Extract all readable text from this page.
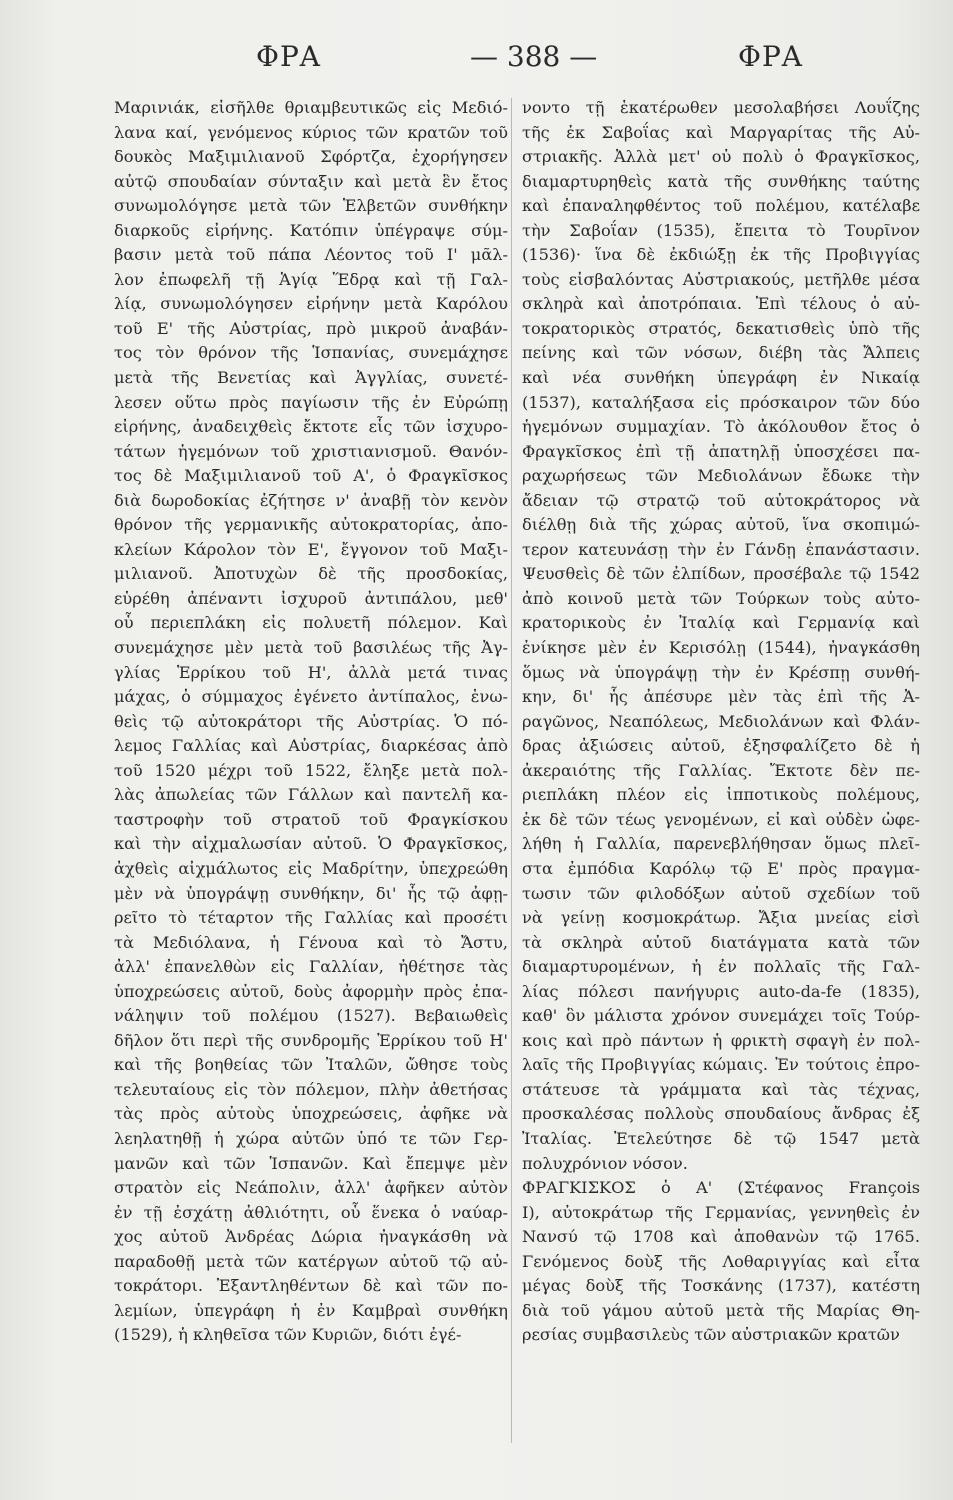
ΦΡΑ	— 388 —	ΦΡΑ
Μαρινιάκ, εἰσῆλθε θριαμβευτικῶς εἰς Μεδιό-
λανα καί, γενόμενος κύριος τῶν κρατῶν τοῦ
δουκὸς Μαξιμιλιανοῦ Σφόρτζα, ἐχορήγησεν
αὐτῷ σπουδαίαν σύνταξιν καὶ μετὰ ἓν ἔτος
συνωμολόγησε μετὰ τῶν Ἑλβετῶν συνθήκην
διαρκοῦς εἰρήνης. Κατόπιν ὑπέγραψε σύμ-
βασιν μετὰ τοῦ πάπα Λέοντος τοῦ Ι' μᾶλ-
λον ἐπωφελῆ τῇ Ἁγίᾳ Ἕδρᾳ καὶ τῇ Γαλ-
λίᾳ, συνωμολόγησεν εἰρήνην μετὰ Καρόλου
τοῦ Ε' τῆς Αὐστρίας, πρὸ μικροῦ ἀναβάν-
τος τὸν θρόνον τῆς Ἱσπανίας, συνεμάχησε
μετὰ τῆς Βενετίας καὶ Ἀγγλίας, συνετέ-
λεσεν οὕτω πρὸς παγίωσιν τῆς ἐν Εὐρώπῃ
εἰρήνης, ἀναδειχθεὶς ἔκτοτε εἷς τῶν ἰσχυρο-
τάτων ἡγεμόνων τοῦ χριστιανισμοῦ. Θανόν-
τος δὲ Μαξιμιλιανοῦ τοῦ Α', ὁ Φραγκῖσκος
διὰ δωροδοκίας ἐζήτησε ν' ἀναβῇ τὸν κενὸν
θρόνον τῆς γερμανικῆς αὐτοκρατορίας, ἀπο-
κλείων Κάρολον τὸν Ε', ἔγγονον τοῦ Μαξι-
μιλιανοῦ. Ἀποτυχὼν δὲ τῆς προσδοκίας,
εὑρέθη ἀπέναντι ἰσχυροῦ ἀντιπάλου, μεθ'
οὗ περιεπλάκη εἰς πολυετῆ πόλεμον. Καὶ
συνεμάχησε μὲν μετὰ τοῦ βασιλέως τῆς Ἀγ-
γλίας Ἑρρίκου τοῦ Η', ἀλλὰ μετά τινας
μάχας, ὁ σύμμαχος ἐγένετο ἀντίπαλος, ἑνω-
θεὶς τῷ αὐτοκράτορι τῆς Αὐστρίας. Ὁ πό-
λεμος Γαλλίας καὶ Αὐστρίας, διαρκέσας ἀπὸ
τοῦ 1520 μέχρι τοῦ 1522, ἔληξε μετὰ πολ-
λὰς ἀπωλείας τῶν Γάλλων καὶ παντελῆ κα-
ταστροφὴν τοῦ στρατοῦ τοῦ Φραγκίσκου
καὶ τὴν αἰχμαλωσίαν αὐτοῦ. Ὁ Φραγκῖσκος,
ἀχθεὶς αἰχμάλωτος εἰς Μαδρίτην, ὑπεχρεώθη
μὲν νὰ ὑπογράψῃ συνθήκην, δι' ἧς τῷ ἀφῃ-
ρεῖτο τὸ τέταρτον τῆς Γαλλίας καὶ προσέτι
τὰ Μεδιόλανα, ἡ Γένουα καὶ τὸ Ἄστυ,
ἀλλ' ἐπανελθὼν εἰς Γαλλίαν, ἠθέτησε τὰς
ὑποχρεώσεις αὐτοῦ, δοὺς ἀφορμὴν πρὸς ἐπα-
νάληψιν τοῦ πολέμου (1527). Βεβαιωθεὶς
δῆλον ὅτι περὶ τῆς συνδρομῆς Ἑρρίκου τοῦ Η'
καὶ τῆς βοηθείας τῶν Ἰταλῶν, ὤθησε τοὺς
τελευταίους εἰς τὸν πόλεμον, πλὴν ἀθετήσας
τὰς πρὸς αὐτοὺς ὑποχρεώσεις, ἀφῆκε νὰ
λεηλατηθῇ ἡ χώρα αὐτῶν ὑπό τε τῶν Γερ-
μανῶν καὶ τῶν Ἱσπανῶν. Καὶ ἔπεμψε μὲν
στρατὸν εἰς Νεάπολιν, ἀλλ' ἀφῆκεν αὐτὸν
ἐν τῇ ἐσχάτῃ ἀθλιότητι, οὗ ἕνεκα ὁ ναύαρ-
χος αὐτοῦ Ἀνδρέας Δώρια ἠναγκάσθη νὰ
παραδοθῇ μετὰ τῶν κατέργων αὐτοῦ τῷ αὐ-
τοκράτορι. Ἐξαντληθέντων δὲ καὶ τῶν πο-
λεμίων, ὑπεγράφη ἡ ἐν Καμβραὶ συνθήκη
(1529), ἡ κληθεῖσα τῶν Κυριῶν, διότι ἐγέ-
νοντο τῇ ἑκατέρωθεν μεσολαβήσει Λουΐζης
τῆς ἐκ Σαβοΐας καὶ Μαργαρίτας τῆς Αὐ-
στριακῆς. Ἀλλὰ μετ' οὐ πολὺ ὁ Φραγκῖσκος,
διαμαρτυρηθεὶς κατὰ τῆς συνθήκης ταύτης
καὶ ἐπαναληφθέντος τοῦ πολέμου, κατέλαβε
τὴν Σαβοΐαν (1535), ἔπειτα τὸ Τουρῖνον
(1536)· ἵνα δὲ ἐκδιώξῃ ἐκ τῆς Προβιγγίας
τοὺς εἰσβαλόντας Αὐστριακούς, μετῆλθε μέσα
σκληρὰ καὶ ἀποτρόπαια. Ἐπὶ τέλους ὁ αὐ-
τοκρατορικὸς στρατός, δεκατισθεὶς ὑπὸ τῆς
πείνης καὶ τῶν νόσων, διέβη τὰς Ἄλπεις
καὶ νέα συνθήκη ὑπεγράφη ἐν Νικαίᾳ
(1537), καταλήξασα εἰς πρόσκαιρον τῶν δύο
ἡγεμόνων συμμαχίαν. Τὸ ἀκόλουθον ἔτος ὁ
Φραγκῖσκος ἐπὶ τῇ ἀπατηλῇ ὑποσχέσει πα-
ραχωρήσεως τῶν Μεδιολάνων ἔδωκε τὴν
ἄδειαν τῷ στρατῷ τοῦ αὐτοκράτορος νὰ
διέλθῃ διὰ τῆς χώρας αὐτοῦ, ἵνα σκοπιμώ-
τερον κατευνάσῃ τὴν ἐν Γάνδῃ ἐπανάστασιν.
Ψευσθεὶς δὲ τῶν ἐλπίδων, προσέβαλε τῷ 1542
ἀπὸ κοινοῦ μετὰ τῶν Τούρκων τοὺς αὐτο-
κρατορικοὺς ἐν Ἰταλίᾳ καὶ Γερμανίᾳ καὶ
ἐνίκησε μὲν ἐν Κερισόλῃ (1544), ἠναγκάσθη
ὅμως νὰ ὑπογράψῃ τὴν ἐν Κρέσπῃ συνθή-
κην, δι' ἧς ἀπέσυρε μὲν τὰς ἐπὶ τῆς Ἀ-
ραγῶνος, Νεαπόλεως, Μεδιολάνων καὶ Φλάν-
δρας ἀξιώσεις αὐτοῦ, ἐξησφαλίζετο δὲ ἡ
ἀκεραιότης τῆς Γαλλίας. Ἔκτοτε δὲν πε-
ριεπλάκη πλέον εἰς ἱπποτικοὺς πολέμους,
ἐκ δὲ τῶν τέως γενομένων, εἰ καὶ οὐδὲν ὠφε-
λήθη ἡ Γαλλία, παρενεβλήθησαν ὅμως πλεῖ-
στα ἐμπόδια Καρόλῳ τῷ Ε' πρὸς πραγμα-
τωσιν τῶν φιλοδόξων αὐτοῦ σχεδίων τοῦ
νὰ γείνῃ κοσμοκράτωρ. Ἄξια μνείας εἰσὶ
τὰ σκληρὰ αὐτοῦ διατάγματα κατὰ τῶν
διαμαρτυρομένων, ἡ ἐν πολλαῖς τῆς Γαλ-
λίας πόλεσι πανήγυρις auto-da-fe (1835),
καθ' ὃν μάλιστα χρόνον συνεμάχει τοῖς Τούρ-
κοις καὶ πρὸ πάντων ἡ φρικτὴ σφαγὴ ἐν πολ-
λαῖς τῆς Προβιγγίας κώμαις. Ἐν τούτοις ἐπρο-
στάτευσε τὰ γράμματα καὶ τὰς τέχνας,
προσκαλέσας πολλοὺς σπουδαίους ἄνδρας ἐξ
Ἰταλίας. Ἐτελεύτησε δὲ τῷ 1547 μετὰ
πολυχρόνιον νόσον.
ΦΡΑΓΚΙΣΚΟΣ ὁ Α' (Στέφανος François
I), αὐτοκράτωρ τῆς Γερμανίας, γεννηθεὶς ἐν
Νανσύ τῷ 1708 καὶ ἀποθανὼν τῷ 1765.
Γενόμενος δοὺξ τῆς Λοθαριγγίας καὶ εἶτα
μέγας δοὺξ τῆς Τοσκάνης (1737), κατέστη
διὰ τοῦ γάμου αὐτοῦ μετὰ τῆς Μαρίας Θη-
ρεσίας συμβασιλεὺς τῶν αὐστριακῶν κρατῶν
